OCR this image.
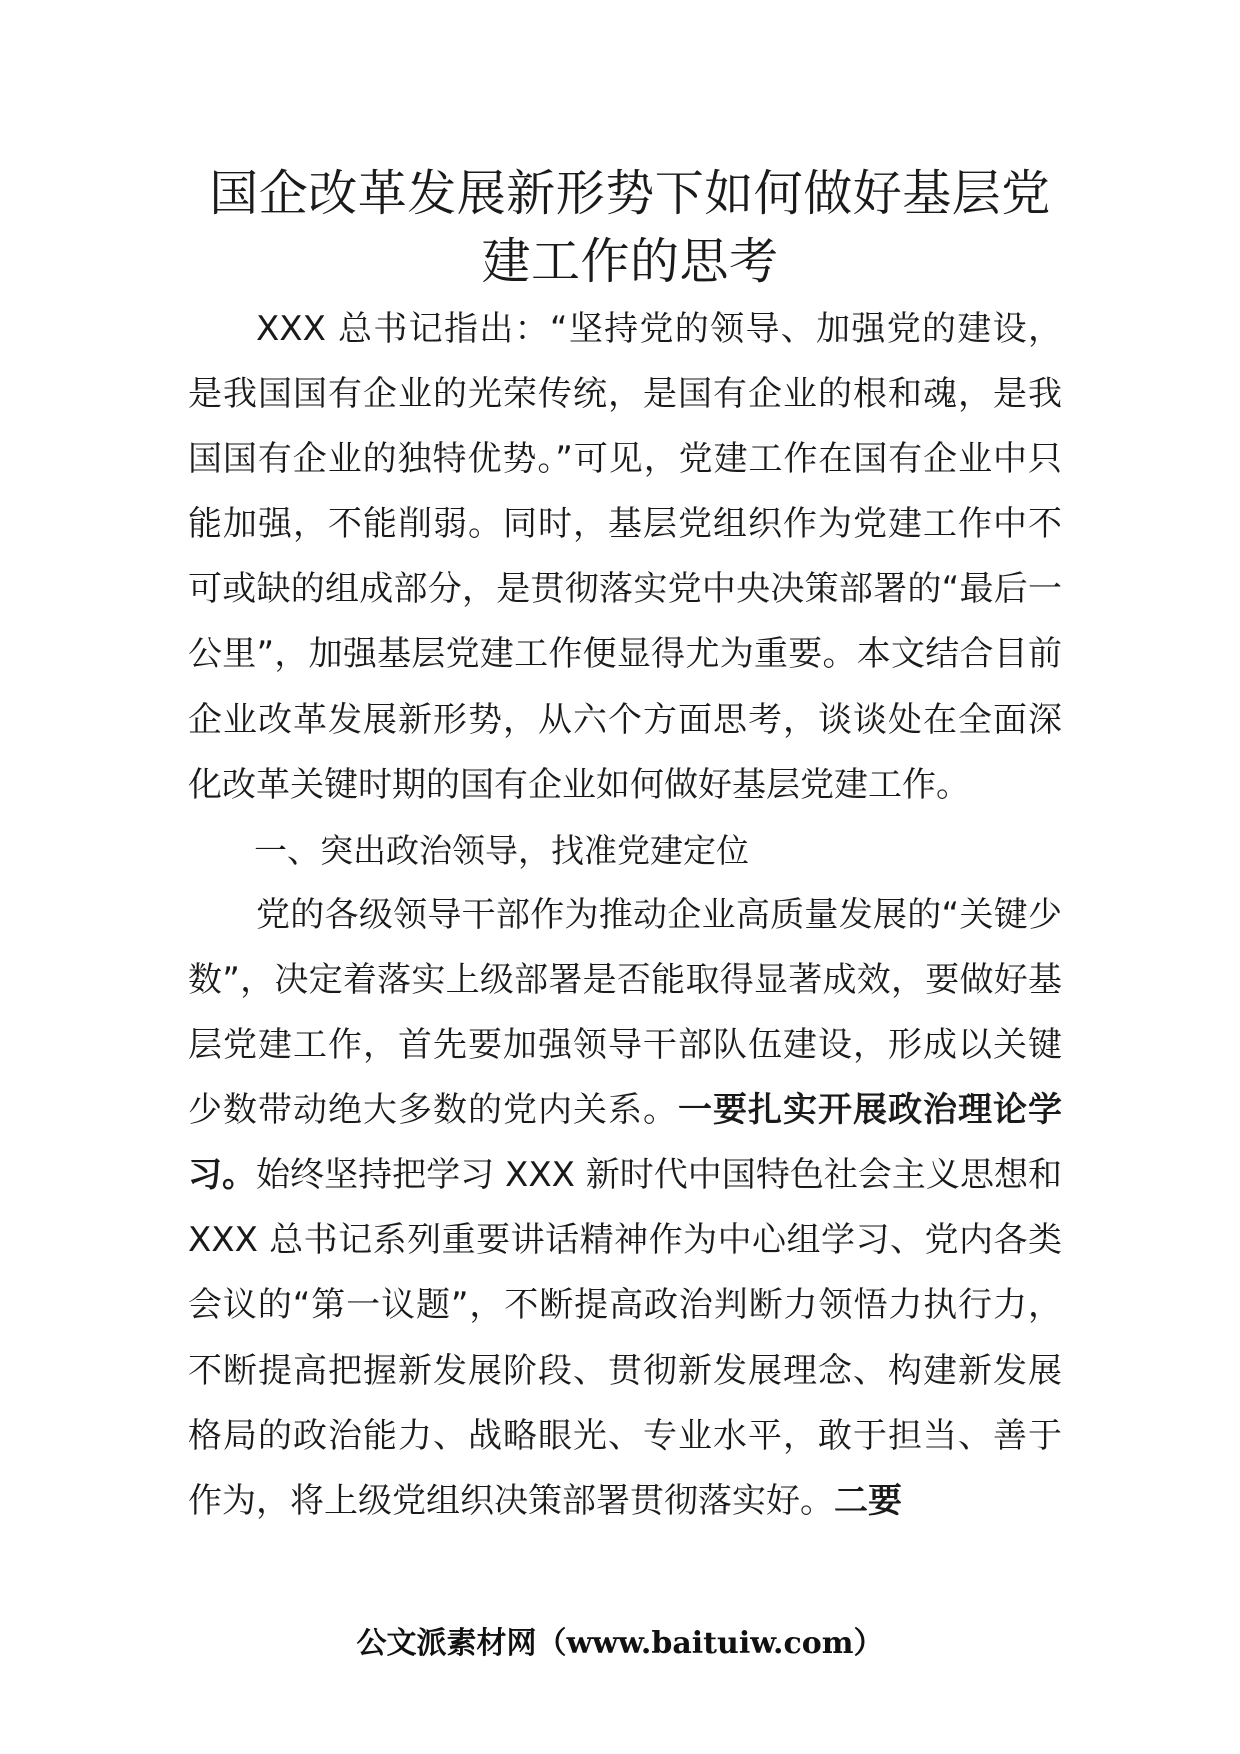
国企改革发展新形势下如何做好基层党建工作的思考

XXX 总书记指出：“坚持党的领导、加强党的建设，是我国国有企业的光荣传统，是国有企业的根和魂，是我国国有企业的独特优势。”可见，党建工作在国有企业中只能加强，不能削弱。同时，基层党组织作为党建工作中不可或缺的组成部分，是贯彻落实党中央决策部署的“最后一公里”，加强基层党建工作便显得尤为重要。本文结合目前企业改革发展新形势，从六个方面思考，谈谈处在全面深化改革关键时期的国有企业如何做好基层党建工作。

一、突出政治领导，找准党建定位

党的各级领导干部作为推动企业高质量发展的“关键少数”，决定着落实上级部署是否能取得显著成效，要做好基层党建工作，首先要加强领导干部队伍建设，形成以关键少数带动绝大多数的党内关系。一要扎实开展政治理论学习。始终坚持把学习 XXX 新时代中国特色社会主义思想和 XXX 总书记系列重要讲话精神作为中心组学习、党内各类会议的“第一议题”，不断提高政治判断力领悟力执行力，不断提高把握新发展阶段、贯彻新发展理念、构建新发展格局的政治能力、战略眼光、专业水平，敢于担当、善于作为，将上级党组织决策部署贯彻落实好。二要

公文派素材网（www.baituiw.com）
